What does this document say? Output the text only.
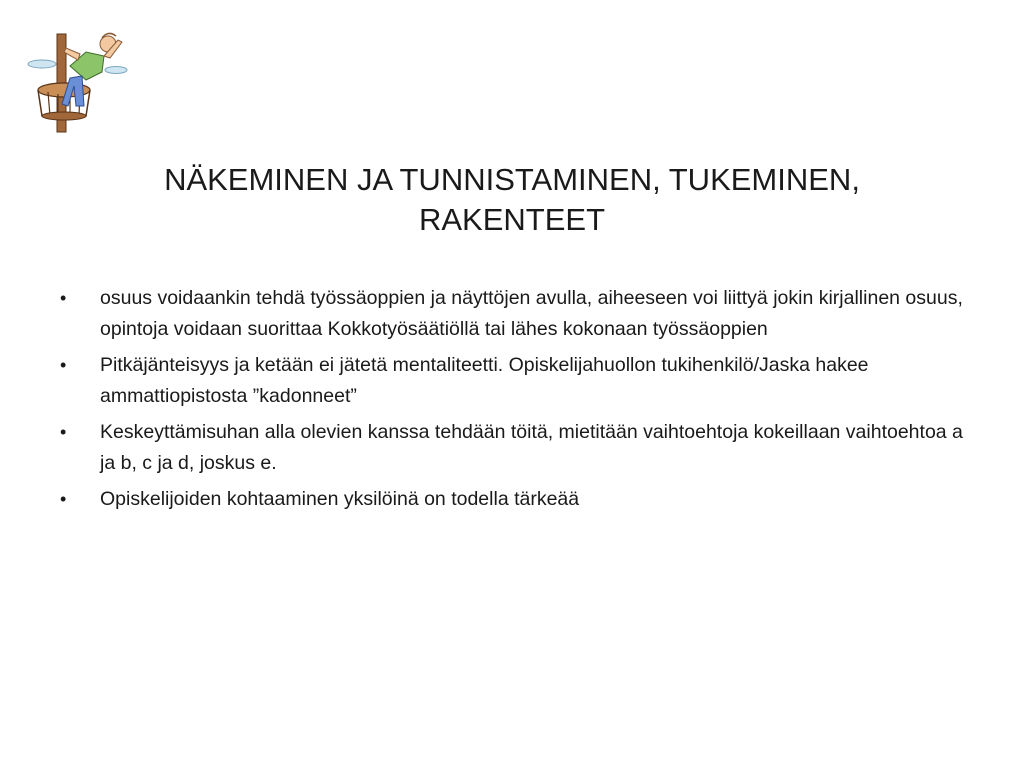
NÄKEMINEN JA TUNNISTAMINEN, TUKEMINEN,
RAKENTEET
•	osuus voidaankin tehdä työssäoppien ja näyttöjen avulla, aiheeseen voi liittyä jokin kirjallinen osuus, opintoja voidaan suorittaa Kokkotyösäätiöllä tai lähes kokonaan työssäoppien
•	Pitkäjänteisyys ja ketään ei jätetä mentaliteetti. Opiskelijahuollon tukihenkilö/Jaska hakee ammattiopistosta ”kadonneet”
•	Keskeyttämisuhan alla olevien kanssa tehdään töitä, mietitään vaihtoehtoja kokeillaan vaihtoehtoa a ja b, c ja d, joskus e.
•	Opiskelijoiden kohtaaminen yksilöinä on todella tärkeää
